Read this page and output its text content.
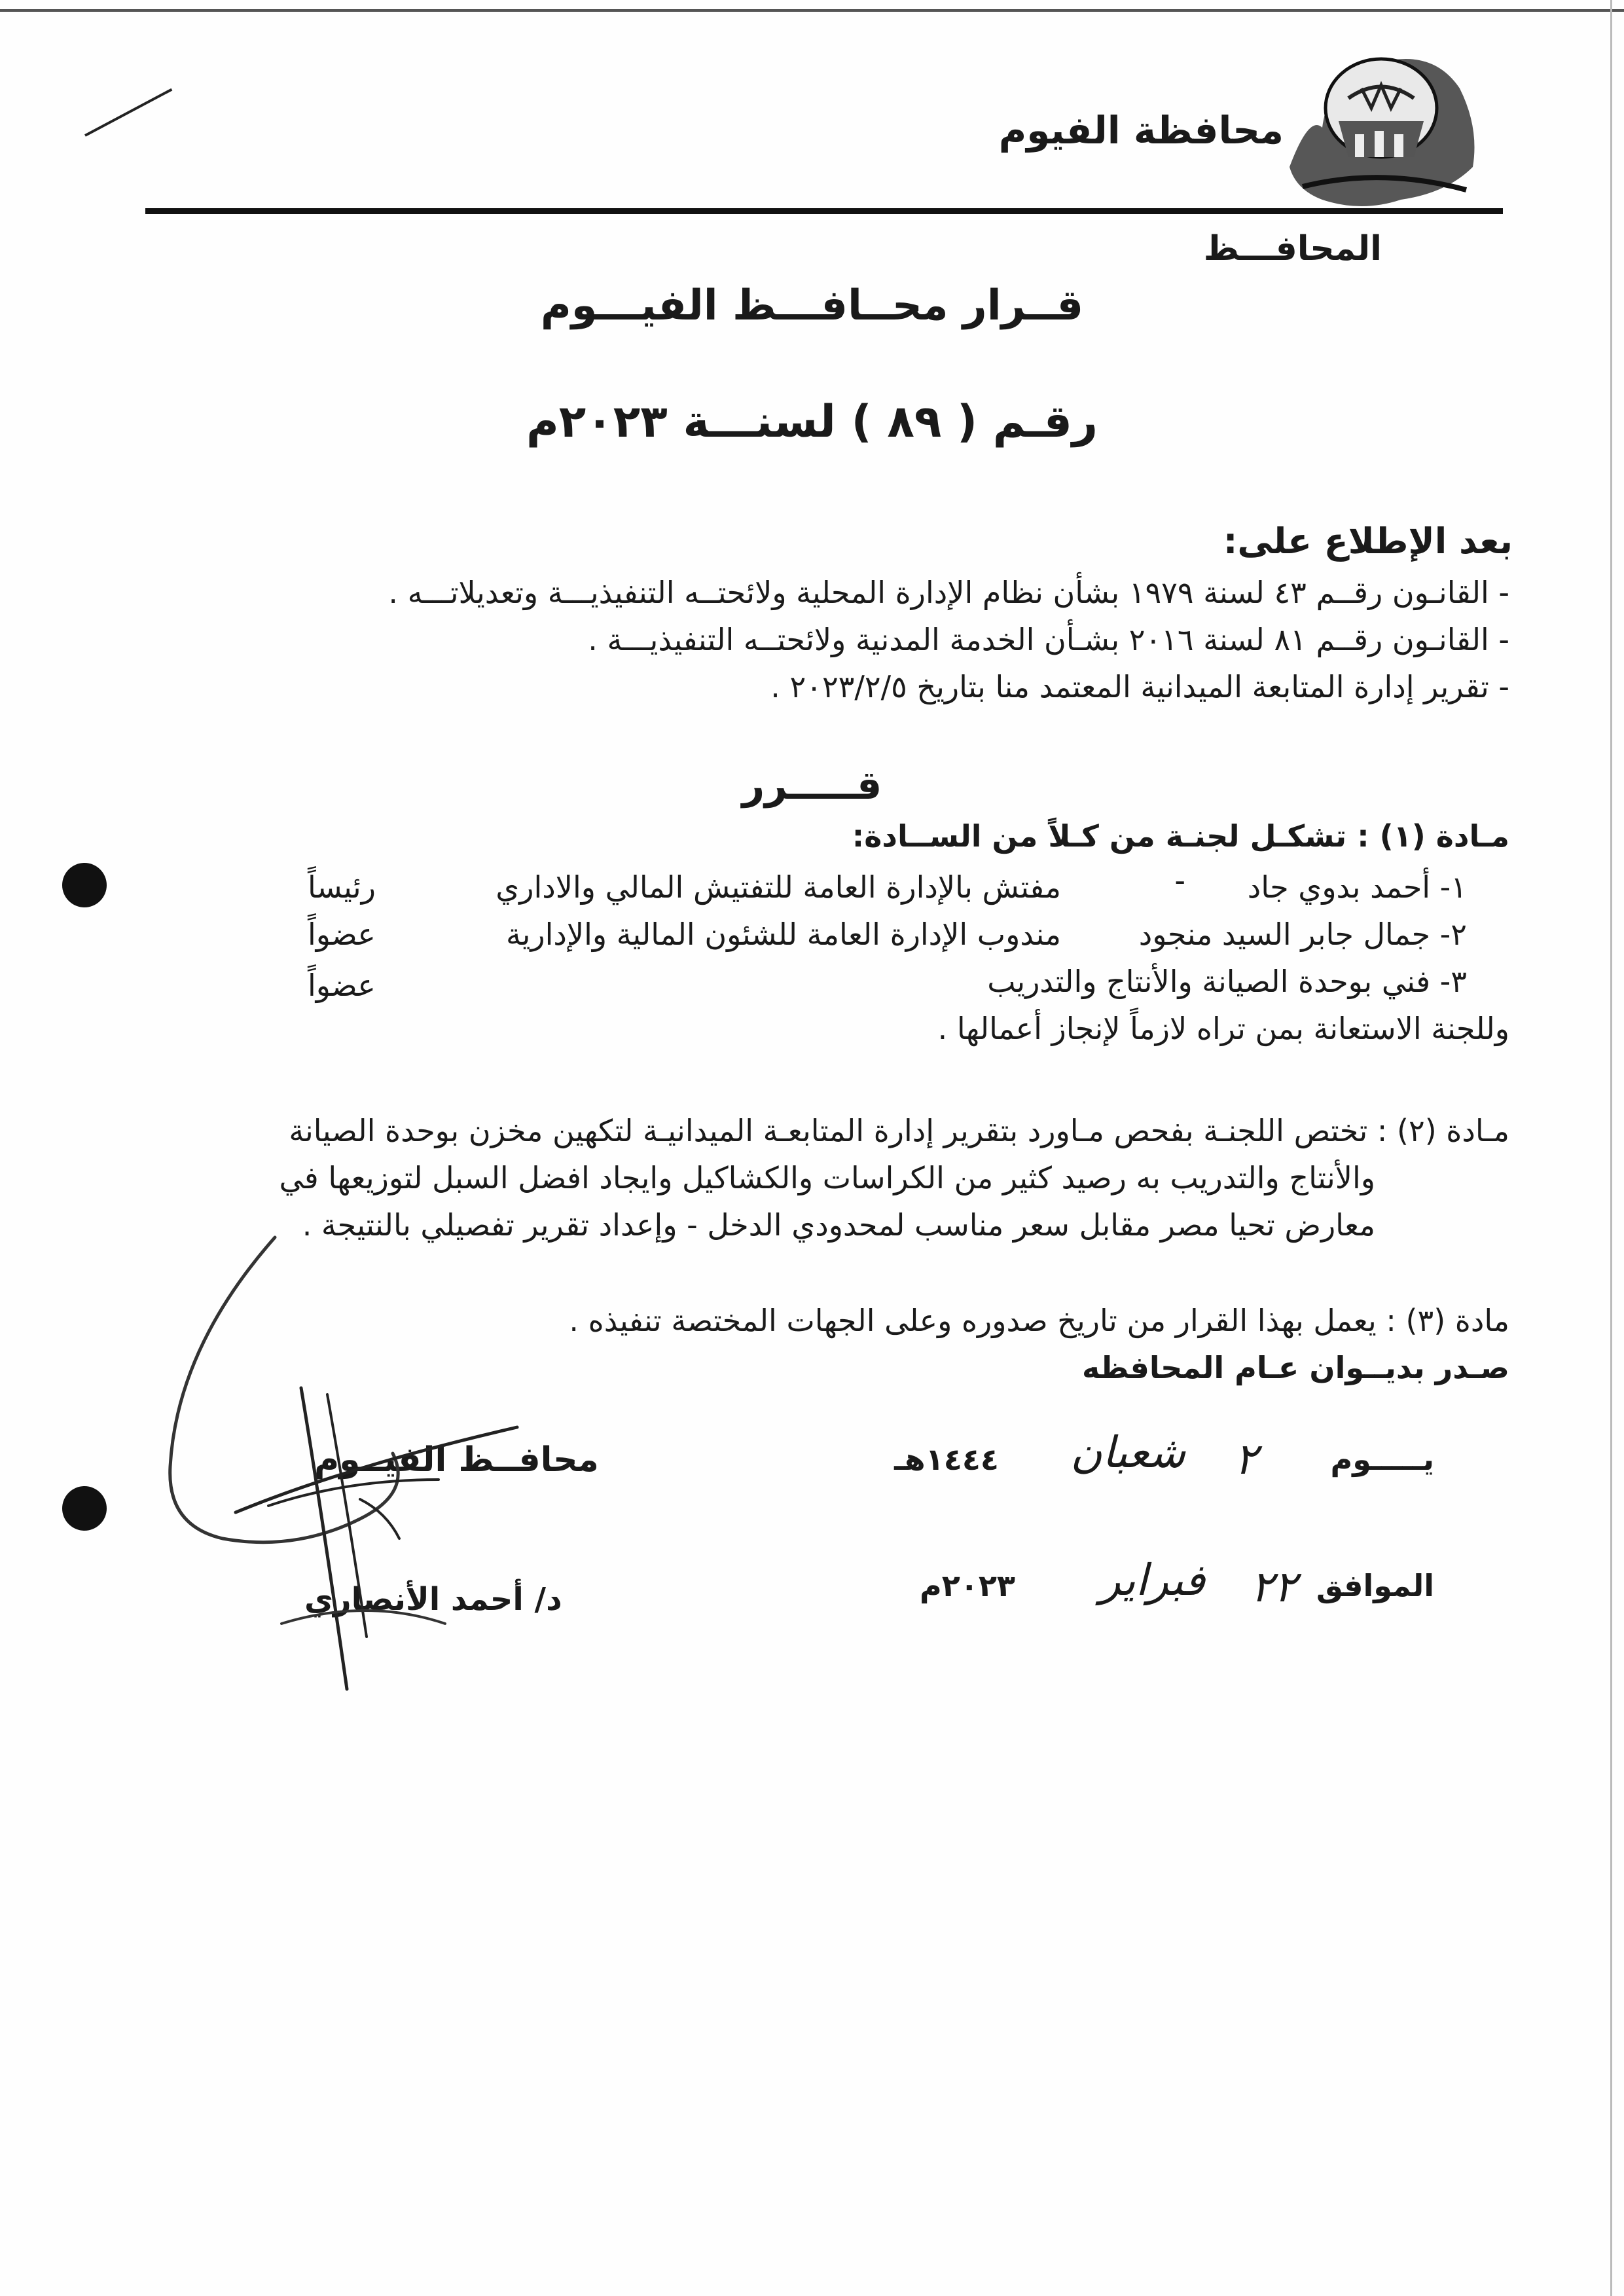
محافظة الفيوم
المحافـــظ
قــرار محــافـــظ الفيـــوم
رقـم ( ٨٩ ) لسنـــة ٢٠٢٣م
بعد الإطلاع على:
- القانـون رقــم ٤٣ لسنة ١٩٧٩ بشأن نظام الإدارة المحلية ولائحتــه التنفيذيـــة وتعديلاتـــه .
- القانـون رقــم ٨١ لسنة ٢٠١٦ بشـأن الخدمة المدنية ولائحتــه التنفيذيـــة .
- تقرير إدارة المتابعة الميدانية المعتمد منا بتاريخ ٢٠٢٣/٢/٥ .
قـــــرر
مـادة (١) : تشكـل لجنـة من كـلاً من الســادة:
١- أحمد بدوي جاد
-
مفتش بالإدارة العامة للتفتيش المالي والاداري
رئيساً
٢- جمال جابر السيد منجود
مندوب الإدارة العامة للشئون المالية والإدارية
عضواً
٣- فني بوحدة الصيانة والأنتاج والتدريب
عضواً
وللجنة الاستعانة بمن تراه لازماً لإنجاز أعمالها .
مـادة (٢) : تختص اللجنـة بفحص مـاورد بتقرير إدارة المتابعـة الميدانيـة لتكهين مخزن بوحدة الصيانة
والأنتاج والتدريب به رصيد كثير من الكراسات والكشاكيل وايجاد افضل السبل لتوزيعها في
معارض تحيا مصر مقابل سعر مناسب لمحدودي الدخل - وإعداد تقرير تفصيلي بالنتيجة .
مادة (٣) : يعمل بهذا القرار من تاريخ صدوره وعلى الجهات المختصة تنفيذه .
صـدر بديــوان عـام المحافظه
يـــــوم
٢
شعبان
١٤٤٤هـ
الموافق
٢٢
فبراير
٢٠٢٣م
محافــظ الفيــوم
د/ أحمد الأنصاري
